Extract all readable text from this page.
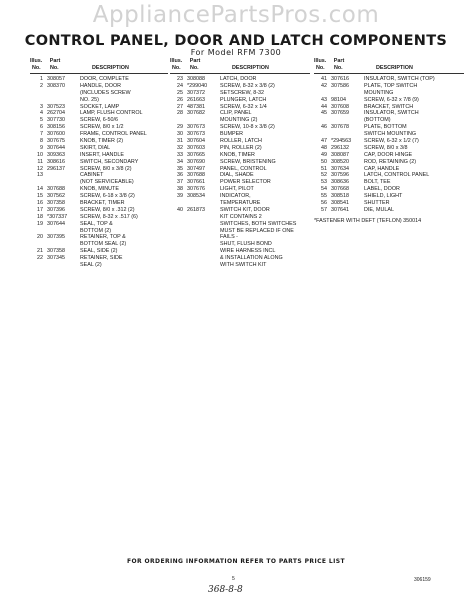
AppliancePartsPros.com
CONTROL PANEL, DOOR AND LATCH COMPONENTS
For Model RFM 7300
Illus. Part
No. No.	DESCRIPTION
1 308057	DOOR, COMPLETE
2 308370	HANDLE, DOOR
(INCLUDES SCREW
NO. 25)
3 307523	SOCKET, LAMP
4 262704	LAMP, FLUSH CONTROL
5 307730	SCREW, 6-50/6
6 308156	SCREW, 8/0 x 1/2
7 307600	FRAME, CONTROL PANEL
8 307675	KNOB, TIMER (2)
9 307644	SKIRT, DIAL
10 309363	INSERT, HANDLE
11 308616	SWITCH, SECONDARY
12 296137	SCREW, 8/0 x 3/8 (2)
13	CABINET
(NOT SERVICEABLE)
14 307688	KNOB, MINUTE
15 307562	SCREW, 6-18 x 3/8 (2)
16 307358	BRACKET, TIMER
17 307396	SCREW, 8/0 x .312 (2)
18 *307337 SCREW, 8-32 x .517 (6)
19 307644	SEAL, TOP &
BOTTOM (2)
20 307395	RETAINER, TOP &
BOTTOM SEAL (2)
21 307358	SEAL, SIDE (2)
22 307345	RETAINER, SIDE
SEAL (2)
Illus. Part
No. No.	DESCRIPTION
23 308088	LATCH, DOOR
24 *299040 SCREW, 8-32 x 3/8 (2)
25 307372	SETSCREW, 8-32
26 261663	PLUNGER, LATCH
27 487381	SCREW, 6-32 x 1/4
28 307682	CLIP, PANEL
MOUNTING (2)
29 307673	SCREW, 10-8 x 3/8 (2)
30 307673	BUMPER
31 307604	ROLLER, LATCH
32 307603	PIN, ROLLER (2)
33 307665	KNOB, TIMER
34 307690	SCREW, BRISTENING
35 307497	PANEL, CONTROL
36 307688	DIAL, SHADE
37 307661	POWER SELECTOR
38 307676	LIGHT, PILOT
39 308534	INDICATOR,
TEMPERATURE
40 261873	SWITCH KIT, DOOR
KIT CONTAINS 2
SWITCHES, BOTH SWITCHES
MUST BE REPLACED IF ONE
FAILS -
SHUT, FLUSH BOND
WIRE HARNESS INCL
& INSTALLATION ALONG
WITH SWITCH KIT
Illus. Part
No. No.	DESCRIPTION
41 307616	INSULATOR, SWITCH (TOP)
42 307586	PLATE, TOP SWITCH
MOUNTING
43 98104	SCREW, 6-32 x 7/8 (9)
44 307608	BRACKET, SWITCH
45 307659	INSULATOR, SWITCH
(BOTTOM)
46 307678	PLATE, BOTTOM
SWITCH MOUNTING
47 *294563 SCREW, 6-32 x 1/2 (7)
48 296132	SCREW, 8/0 x 3/8
49 308087	CAP, DOOR HINGE
50 308520	ROD, RETAINING (2)
51 307634	CAP, HANDLE
52 307596	LATCH, CONTROL PANEL
53 308636	BOLT, TEE
54 307668	LABEL, DOOR
55 308518	SHIELD, LIGHT
56 308541	SHUTTER
57 307641	DIE, MULAL
*FASTENER WITH DEFT (TEFLON) 350014
FOR ORDERING INFORMATION REFER TO PARTS PRICE LIST
5	306159
368-8-8
